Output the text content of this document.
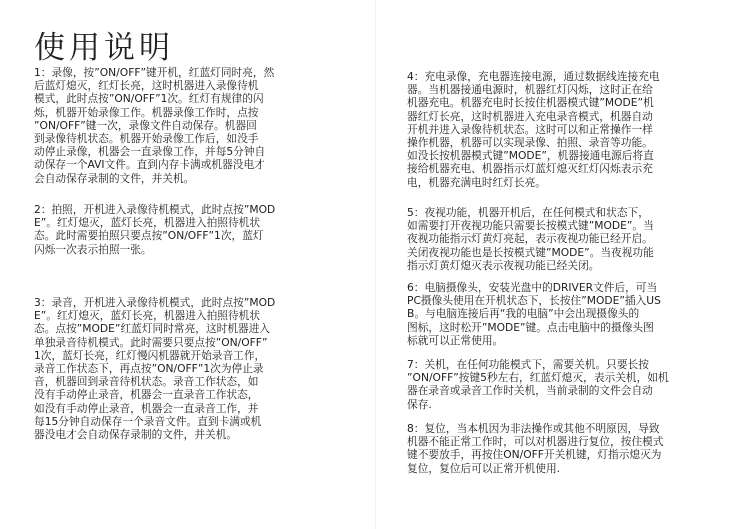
使用说明

1：录像，按”ON/OFF”键开机，红蓝灯同时亮，然
后蓝灯熄灭，红灯长亮，这时机器进入录像待机
模式，此时点按”ON/OFF”1次。红灯有规律的闪
烁，机器开始录像工作。机器录像工作时，点按
”ON/OFF”键一次，录像文件自动保存。机器回
到录像待机状态。机器开始录像工作后，如没手
动停止录像，机器会一直录像工作，并每5分钟自
动保存一个AVI文件。直到内存卡满或机器没电才
会自动保存录制的文件，并关机。

2：拍照，开机进入录像待机模式，此时点按”MOD
E”。红灯熄灭，蓝灯长亮，机器进入拍照待机状
态。此时需要拍照只要点按”ON/OFF”1次，蓝灯
闪烁一次表示拍照一张。

3：录音，开机进入录像待机模式，此时点按”MOD
E”。红灯熄灭，蓝灯长亮，机器进入拍照待机状
态。点按”MODE”红蓝灯同时常亮，这时机器进入
单独录音待机模式。此时需要只要点按”ON/OFF”
1次，蓝灯长亮，红灯慢闪机器就开始录音工作，
录音工作状态下，再点按”ON/OFF”1次为停止录
音，机器回到录音待机状态。录音工作状态，如
没有手动停止录音，机器会一直录音工作状态，
如没有手动停止录音，机器会一直录音工作，并
每15分钟自动保存一个录音文件。直到卡满或机
器没电才会自动保存录制的文件，并关机。

4：充电录像，充电器连接电源，通过数据线连接充电
器。当机器接通电源时，机器红灯闪烁，这时正在给
机器充电。机器充电时长按住机器模式键”MODE”机
器红灯长亮，这时机器进入充电录音模式，机器自动
开机并进入录像待机状态。这时可以和正常操作一样
操作机器，机器可以实现录像、拍照、录音等功能。
如没长按机器模式键”MODE”，机器接通电源后将直
接给机器充电、机器指示灯蓝灯熄灭红灯闪烁表示充
电，机器充满电时红灯长亮。

5：夜视功能，机器开机后，在任何模式和状态下，
如需要打开夜视功能只需要长按模式键”MODE”。当
夜视功能指示灯黄灯亮起，表示夜视功能已经开启。
关闭夜视功能也是长按模式键”MODE”。当夜视功能
指示灯黄灯熄灭表示夜视功能已经关闭。

6：电脑摄像头，安装光盘中的DRIVER文件后，可当
PC摄像头使用在开机状态下，长按住”MODE”插入US
B。与电脑连接后再“我的电脑”中会出现摄像头的
图标，这时松开”MODE”键。点击电脑中的摄像头图
标就可以正常使用。

7：关机，在任何功能模式下，需要关机。只要长按
”ON/OFF”按键5秒左右，红蓝灯熄灭，表示关机，如机
器在录音或录音工作时关机，当前录制的文件会自动
保存.

8：复位，当本机因为非法操作或其他不明原因，导致
机器不能正常工作时，可以对机器进行复位，按住模式
键不要放手，再按住ON/OFF开关机键，灯指示熄灭为
复位，复位后可以正常开机使用.
